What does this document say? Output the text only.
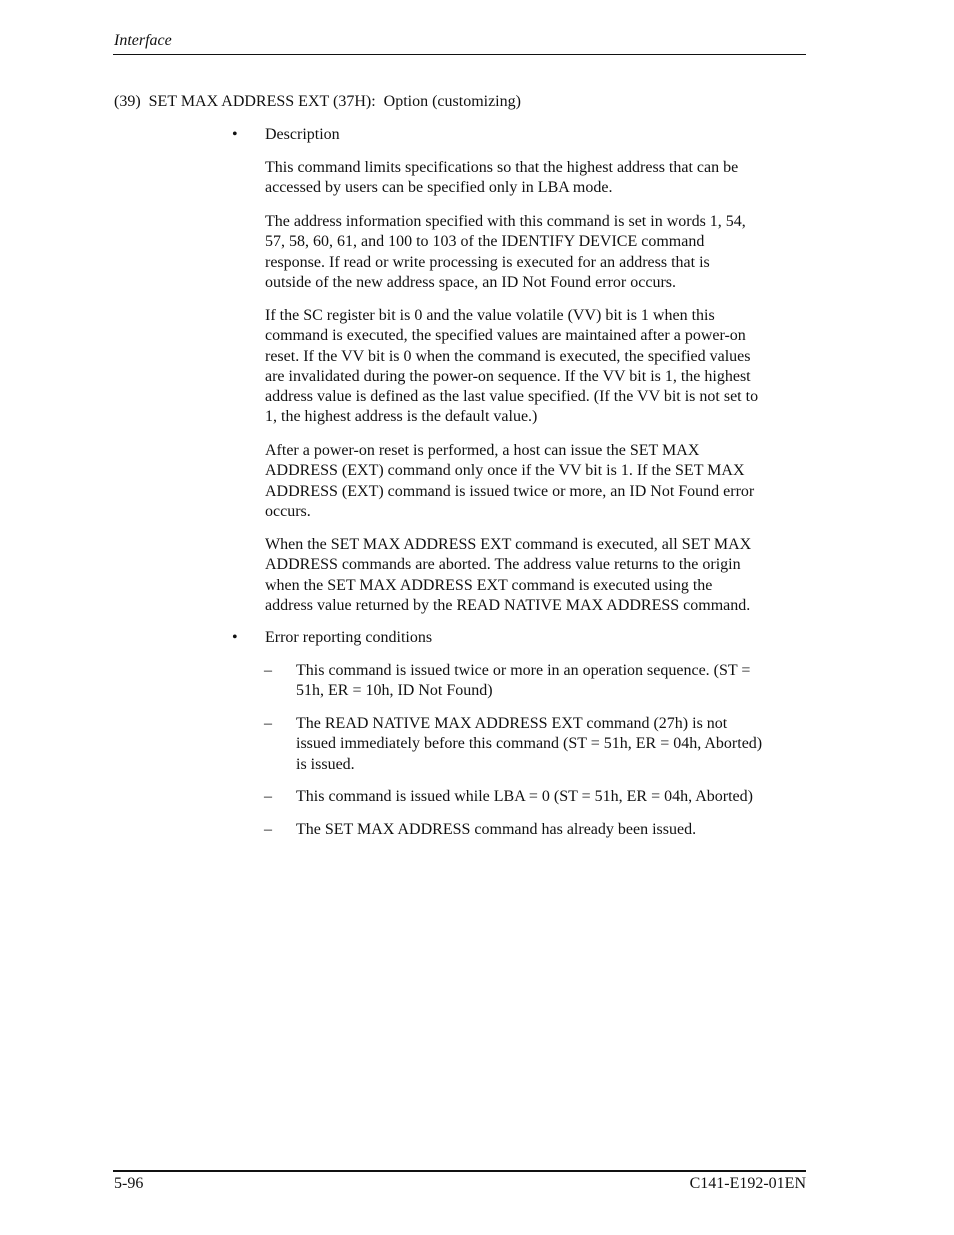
Interface
(39)  SET MAX ADDRESS EXT (37H):  Option (customizing)
• Description
This command limits specifications so that the highest address that can be
accessed by users can be specified only in LBA mode.
The address information specified with this command is set in words 1, 54,
57, 58, 60, 61, and 100 to 103 of the IDENTIFY DEVICE command
response. If read or write processing is executed for an address that is
outside of the new address space, an ID Not Found error occurs.
If the SC register bit is 0 and the value volatile (VV) bit is 1 when this
command is executed, the specified values are maintained after a power-on
reset. If the VV bit is 0 when the command is executed, the specified values
are invalidated during the power-on sequence. If the VV bit is 1, the highest
address value is defined as the last value specified. (If the VV bit is not set to
1, the highest address is the default value.)
After a power-on reset is performed, a host can issue the SET MAX
ADDRESS (EXT) command only once if the VV bit is 1. If the SET MAX
ADDRESS (EXT) command is issued twice or more, an ID Not Found error
occurs.
When the SET MAX ADDRESS EXT command is executed, all SET MAX
ADDRESS commands are aborted. The address value returns to the origin
when the SET MAX ADDRESS EXT command is executed using the
address value returned by the READ NATIVE MAX ADDRESS command.
• Error reporting conditions
– This command is issued twice or more in an operation sequence. (ST =
51h, ER = 10h, ID Not Found)
– The READ NATIVE MAX ADDRESS EXT command (27h) is not
issued immediately before this command (ST = 51h, ER = 04h, Aborted)
is issued.
– This command is issued while LBA = 0 (ST = 51h, ER = 04h, Aborted)
– The SET MAX ADDRESS command has already been issued.
5-96	C141-E192-01EN
